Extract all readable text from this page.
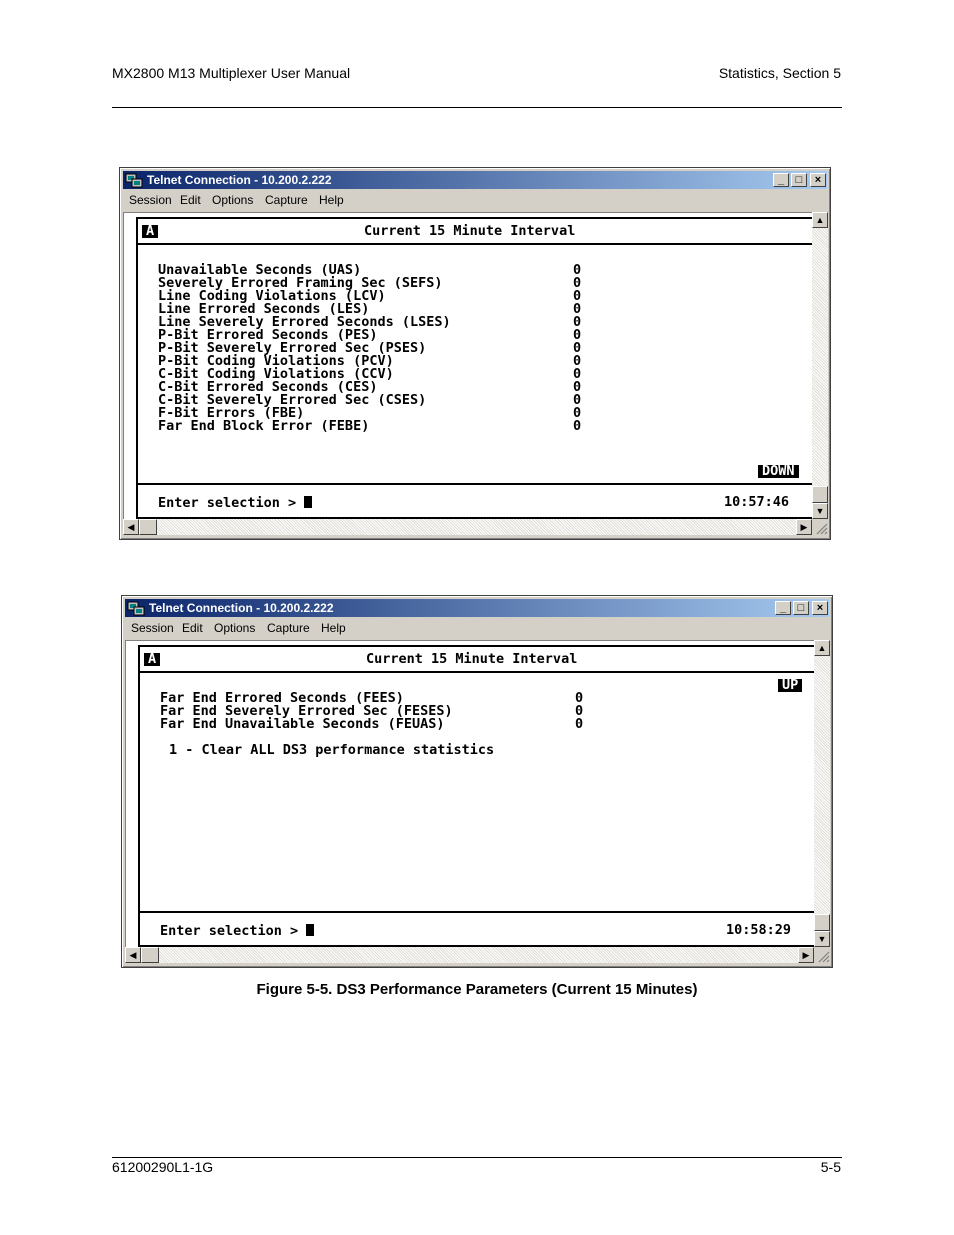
MX2800 M13 Multiplexer User Manual	Statistics, Section 5
Telnet Connection - 10.200.2.222	_	□	×
Session Edit Options Capture Help
A	Current 15 Minute Interval
Unavailable Seconds (UAS)	0
Severely Errored Framing Sec (SEFS)	0
Line Coding Violations (LCV)	0
Line Errored Seconds (LES)	0
Line Severely Errored Seconds (LSES)	0
P-Bit Errored Seconds (PES)	0
P-Bit Severely Errored Sec (PSES)	0
P-Bit Coding Violations (PCV)	0
C-Bit Coding Violations (CCV)	0
C-Bit Errored Seconds (CES)	0
C-Bit Severely Errored Sec (CSES)	0
F-Bit Errors (FBE)	0
Far End Block Error (FEBE)	0
DOWN
Enter selection >	10:57:46
▲
▼
◀	▶
Telnet Connection - 10.200.2.222	_	□	×
Session Edit Options Capture Help
A	Current 15 Minute Interval
UP
Far End Errored Seconds (FEES)	0
Far End Severely Errored Sec (FESES)	0
Far End Unavailable Seconds (FEUAS)	0
1 - Clear ALL DS3 performance statistics
Enter selection >	10:58:29
▲
▼
◀	▶
Figure 5-5. DS3 Performance Parameters (Current 15 Minutes)
61200290L1-1G	5-5
